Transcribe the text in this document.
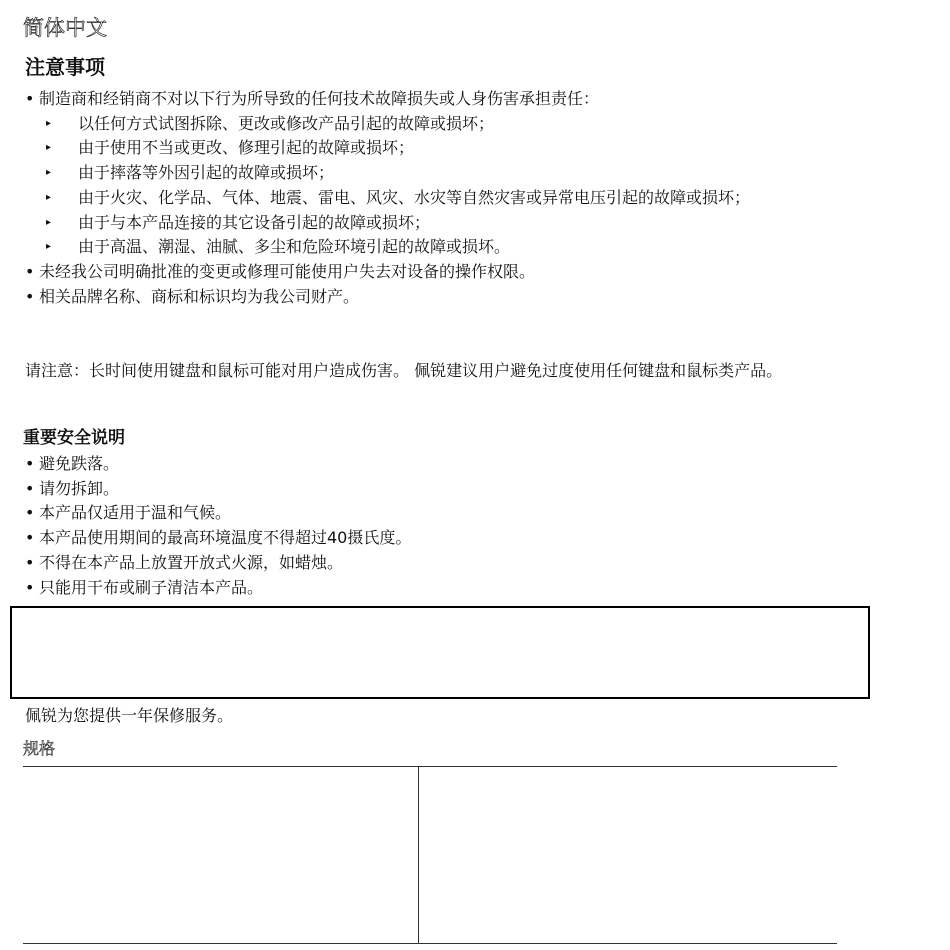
简体中文
注意事项
• 制造商和经销商不对以下行为所导致的任何技术故障损失或人身伤害承担责任：
▸ 以任何方式试图拆除、更改或修改产品引起的故障或损坏；
▸ 由于使用不当或更改、修理引起的故障或损坏；
▸ 由于摔落等外因引起的故障或损坏；
▸ 由于火灾、化学品、气体、地震、雷电、风灾、水灾等自然灾害或异常电压引起的故障或损坏；
▸ 由于与本产品连接的其它设备引起的故障或损坏；
▸ 由于高温、潮湿、油腻、多尘和危险环境引起的故障或损坏。
• 未经我公司明确批准的变更或修理可能使用户失去对设备的操作权限。
• 相关品牌名称、商标和标识均为我公司财产。
请注意：长时间使用键盘和鼠标可能对用户造成伤害。 佩锐建议用户避免过度使用任何键盘和鼠标类产品。
重要安全说明
• 避免跌落。
• 请勿拆卸。
• 本产品仅适用于温和气候。
• 本产品使用期间的最高环境温度不得超过40摄氏度。
• 不得在本产品上放置开放式火源，如蜡烛。
• 只能用干布或刷子清洁本产品。
佩锐为您提供一年保修服务。
规格
